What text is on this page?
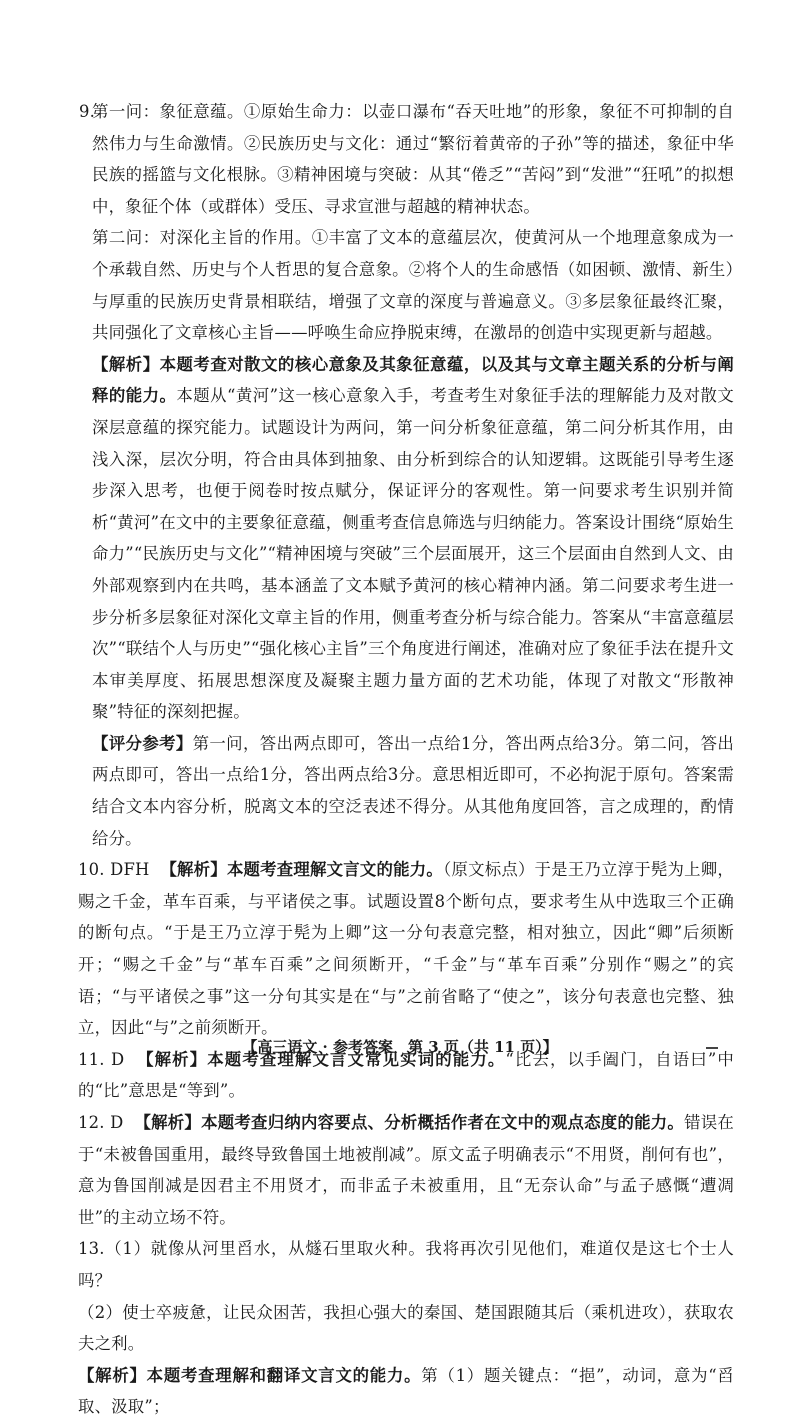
9.
第一问：象征意蕴。①原始生命力：以壶口瀑布“吞天吐地”的形象，象征不可抑制的自然伟力与生命激情。②民族历史与文化：通过“繁衍着黄帝的子孙”等的描述，象征中华民族的摇篮与文化根脉。③精神困境与突破：从其“倦乏”“苦闷”到“发泄”“狂吼”的拟想中，象征个体（或群体）受压、寻求宣泄与超越的精神状态。
第二问：对深化主旨的作用。①丰富了文本的意蕴层次，使黄河从一个地理意象成为一个承载自然、历史与个人哲思的复合意象。②将个人的生命感悟（如困顿、激情、新生）与厚重的民族历史背景相联结，增强了文章的深度与普遍意义。③多层象征最终汇聚，共同强化了文章核心主旨——呼唤生命应挣脱束缚，在激昂的创造中实现更新与超越。
【解析】本题考查对散文的核心意象及其象征意蕴，以及其与文章主题关系的分析与阐释的能力。本题从“黄河”这一核心意象入手，考查考生对象征手法的理解能力及对散文深层意蕴的探究能力。试题设计为两问，第一问分析象征意蕴，第二问分析其作用，由浅入深，层次分明，符合由具体到抽象、由分析到综合的认知逻辑。这既能引导考生逐步深入思考，也便于阅卷时按点赋分，保证评分的客观性。第一问要求考生识别并简析“黄河”在文中的主要象征意蕴，侧重考查信息筛选与归纳能力。答案设计围绕“原始生命力”“民族历史与文化”“精神困境与突破”三个层面展开，这三个层面由自然到人文、由外部观察到内在共鸣，基本涵盖了文本赋予黄河的核心精神内涵。第二问要求考生进一步分析多层象征对深化文章主旨的作用，侧重考查分析与综合能力。答案从“丰富意蕴层次”“联结个人与历史”“强化核心主旨”三个角度进行阐述，准确对应了象征手法在提升文本审美厚度、拓展思想深度及凝聚主题力量方面的艺术功能，体现了对散文“形散神聚”特征的深刻把握。
【评分参考】第一问，答出两点即可，答出一点给1分，答出两点给3分。第二问，答出两点即可，答出一点给1分，答出两点给3分。意思相近即可，不必拘泥于原句。答案需结合文本内容分析，脱离文本的空泛表述不得分。从其他角度回答，言之成理的，酌情给分。
10. DFH 【解析】本题考查理解文言文的能力。（原文标点）于是王乃立淳于髡为上卿，赐之千金，革车百乘，与平诸侯之事。试题设置8个断句点，要求考生从中选取三个正确的断句点。“于是王乃立淳于髡为上卿”这一分句表意完整，相对独立，因此“卿”后须断开；“赐之千金”与“革车百乘”之间须断开，“千金”与“革车百乘”分别作“赐之”的宾语；“与平诸侯之事”这一分句其实是在“与”之前省略了“使之”，该分句表意也完整、独立，因此“与”之前须断开。
11. D 【解析】本题考查理解文言文常见实词的能力。“比去，以手阖门，自语曰”中的“比”意思是“等到”。
12. D 【解析】本题考查归纳内容要点、分析概括作者在文中的观点态度的能力。错误在于“未被鲁国重用，最终导致鲁国土地被削减”。原文孟子明确表示“不用贤，削何有也”，意为鲁国削减是因君主不用贤才，而非孟子未被重用，且“无奈认命”与孟子感慨“遭凋世”的主动立场不符。
13.（1）就像从河里舀水，从燧石里取火种。我将再次引见他们，难道仅是这七个士人吗？
（2）使士卒疲惫，让民众困苦，我担心强大的秦国、楚国跟随其后（乘机进攻），获取农夫之利。
【解析】本题考查理解和翻译文言文的能力。第（1）题关键点：“挹”，动词，意为“舀取、汲取”；
【高三语文 · 参考答案　第 3 页（共 11 页）】
